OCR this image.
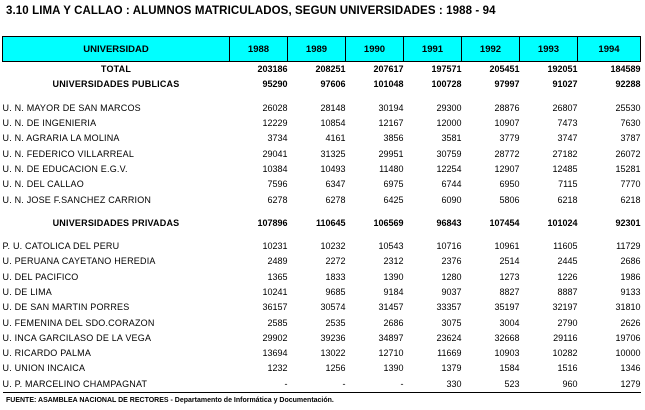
3.10 LIMA Y CALLAO : ALUMNOS MATRICULADOS, SEGUN UNIVERSIDADES : 1988 - 94
UNIVERSIDAD	1988	1989	1990	1991	1992	1993	1994
TOTAL	203186	208251	207617	197571	205451	192051	184589
UNIVERSIDADES PUBLICAS	95290	97606	101048	100728	97997	91027	92288

U. N. MAYOR DE SAN MARCOS	26028	28148	30194	29300	28876	26807	25530
U. N. DE INGENIERIA	12229	10854	12167	12000	10907	7473	7630
U. N. AGRARIA LA MOLINA	3734	4161	3856	3581	3779	3747	3787
U. N. FEDERICO VILLARREAL	29041	31325	29951	30759	28772	27182	26072
U. N. DE EDUCACION E.G.V.	10384	10493	11480	12254	12907	12485	15281
U. N. DEL CALLAO	7596	6347	6975	6744	6950	7115	7770
U. N. JOSE F.SANCHEZ CARRION	6278	6278	6425	6090	5806	6218	6218

UNIVERSIDADES PRIVADAS	107896	110645	106569	96843	107454	101024	92301

P. U. CATOLICA DEL PERU	10231	10232	10543	10716	10961	11605	11729
U. PERUANA CAYETANO HEREDIA	2489	2272	2312	2376	2514	2445	2686
U. DEL PACIFICO	1365	1833	1390	1280	1273	1226	1986
U. DE LIMA	10241	9685	9184	9037	8827	8887	9133
U. DE SAN MARTIN PORRES	36157	30574	31457	33357	35197	32197	31810
U. FEMENINA DEL SDO.CORAZON	2585	2535	2686	3075	3004	2790	2626
U. INCA GARCILASO DE LA VEGA	29902	39236	34897	23624	32668	29116	19706
U. RICARDO PALMA	13694	13022	12710	11669	10903	10282	10000
U. UNION INCAICA	1232	1256	1390	1379	1584	1516	1346
U. P. MARCELINO CHAMPAGNAT	-	-	-	330	523	960	1279
FUENTE: ASAMBLEA NACIONAL DE RECTORES - Departamento de Informática y Documentación.
